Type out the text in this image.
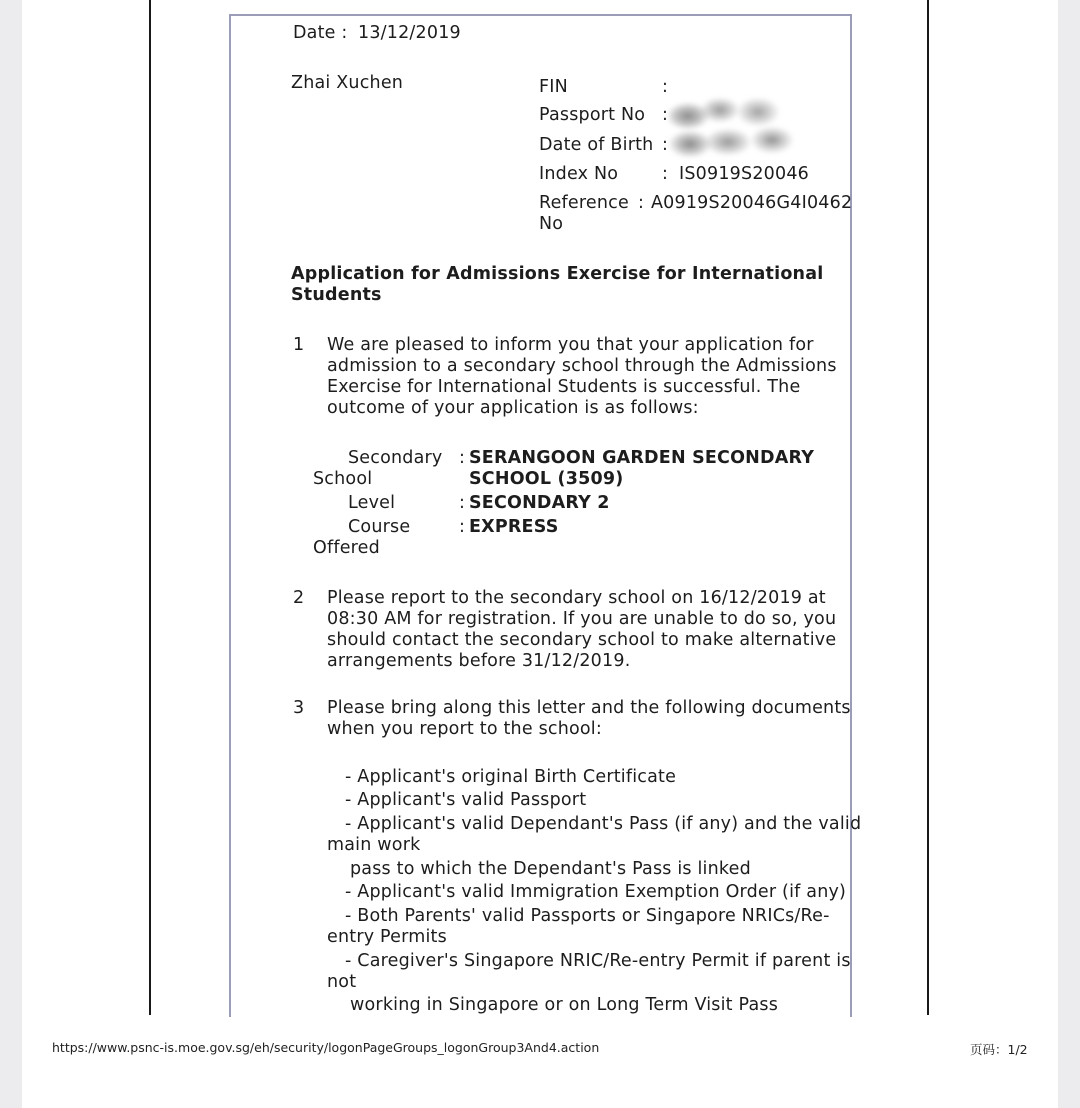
Date : 13/12/2019
Zhai Xuchen	FIN	:
Passport No :
Date of Birth :
Index No	: IS0919S20046
Reference
No
: A0919S20046G4I0462
Application for Admissions Exercise for International
Students
1 We are pleased to inform you that your application for
admission to a secondary school through the Admissions
Exercise for International Students is successful. The
outcome of your application is as follows:
Secondary
School
: SERANGOON GARDEN SECONDARY
SCHOOL (3509)
Level	: SECONDARY 2
Course
Offered
: EXPRESS
2 Please report to the secondary school on 16/12/2019 at
08:30 AM for registration. If you are unable to do so, you
should contact the secondary school to make alternative
arrangements before 31/12/2019.
3 Please bring along this letter and the following documents
when you report to the school:
- Applicant's original Birth Certificate
- Applicant's valid Passport
- Applicant's valid Dependant's Pass (if any) and the valid
main work
pass to which the Dependant's Pass is linked
- Applicant's valid Immigration Exemption Order (if any)
- Both Parents' valid Passports or Singapore NRICs/Re-
entry Permits
- Caregiver's Singapore NRIC/Re-entry Permit if parent is
not
working in Singapore or on Long Term Visit Pass
https://www.psnc-is.moe.gov.sg/eh/security/logonPageGroups_logonGroup3And4.action	页码：1/2
